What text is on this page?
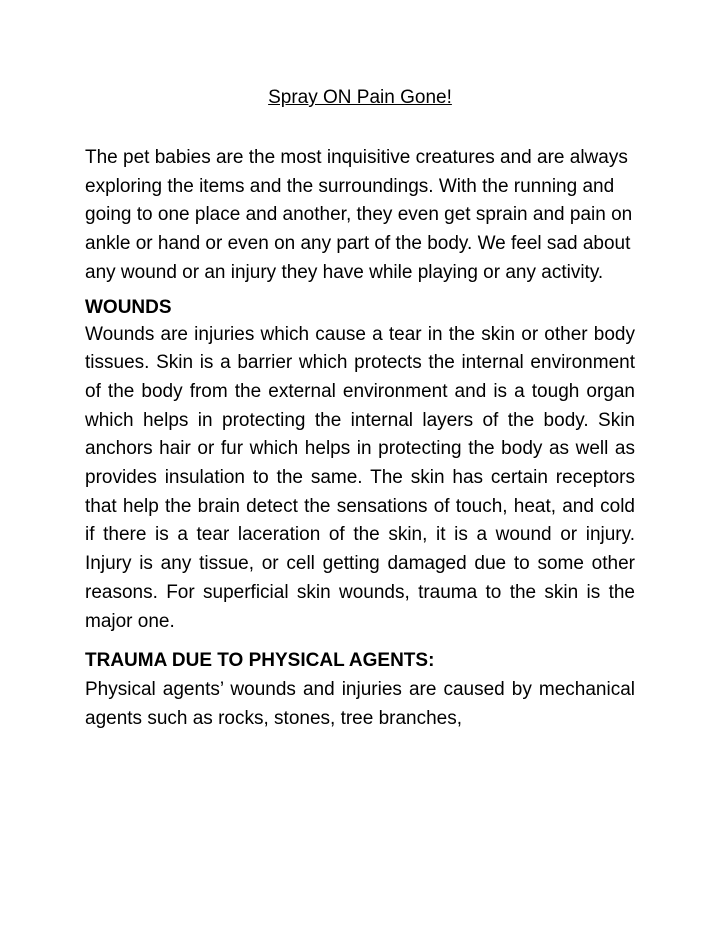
Spray ON Pain Gone!

The pet babies are the most inquisitive creatures and are always exploring the items and the surroundings. With the running and going to one place and another, they even get sprain and pain on ankle or hand or even on any part of the body. We feel sad about any wound or an injury they have while playing or any activity.

WOUNDS

Wounds are injuries which cause a tear in the skin or other body tissues. Skin is a barrier which protects the internal environment of the body from the external environment and is a tough organ which helps in protecting the internal layers of the body. Skin anchors hair or fur which helps in protecting the body as well as provides insulation to the same. The skin has certain receptors that help the brain detect the sensations of touch, heat, and cold if there is a tear laceration of the skin, it is a wound or injury. Injury is any tissue, or cell getting damaged due to some other reasons. For superficial skin wounds, trauma to the skin is the major one.

TRAUMA DUE TO PHYSICAL AGENTS:

Physical agents’ wounds and injuries are caused by mechanical agents such as rocks, stones, tree branches,
